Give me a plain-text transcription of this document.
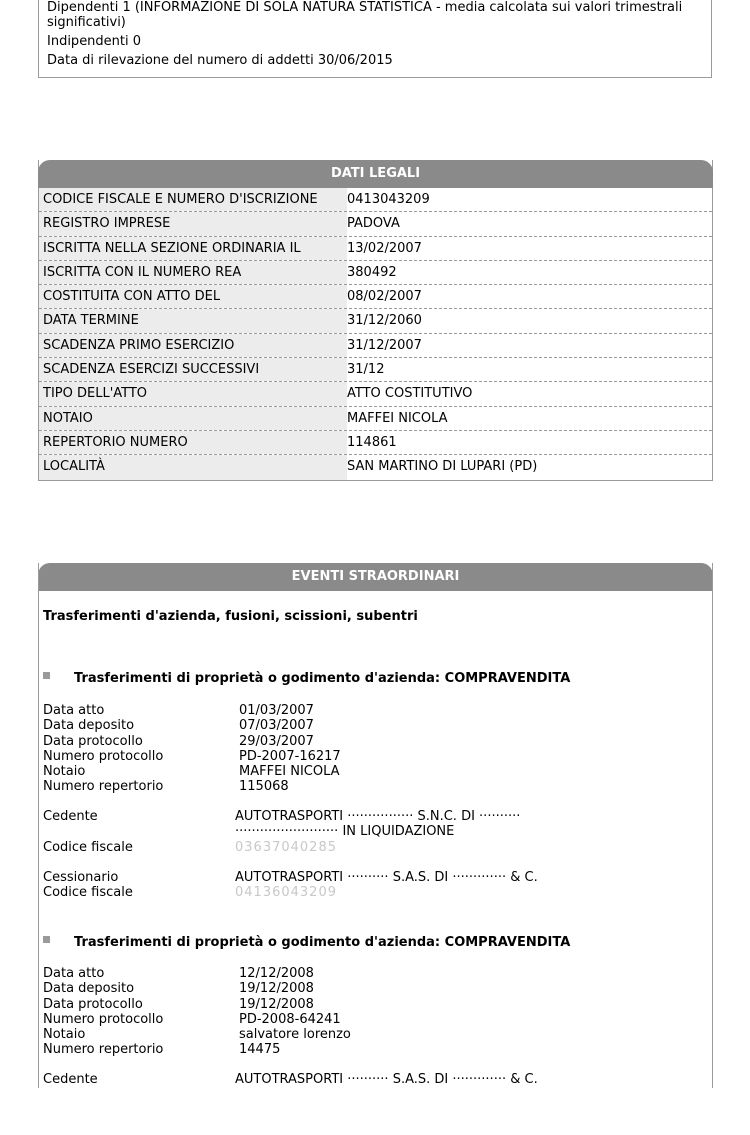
Dipendenti 1 (INFORMAZIONE DI SOLA NATURA STATISTICA - media calcolata sui valori trimestrali
significativi)
Indipendenti 0
Data di rilevazione del numero di addetti 30/06/2015
DATI LEGALI
CODICE FISCALE E NUMERO D'ISCRIZIONE	0413043209
REGISTRO IMPRESE	PADOVA
ISCRITTA NELLA SEZIONE ORDINARIA IL	13/02/2007
ISCRITTA CON IL NUMERO REA	380492
COSTITUITA CON ATTO DEL	08/02/2007
DATA TERMINE	31/12/2060
SCADENZA PRIMO ESERCIZIO	31/12/2007
SCADENZA ESERCIZI SUCCESSIVI	31/12
TIPO DELL'ATTO	ATTO COSTITUTIVO
NOTAIO	MAFFEI NICOLA
REPERTORIO NUMERO	114861
LOCALITÀ	SAN MARTINO DI LUPARI (PD)
EVENTI STRAORDINARI
Trasferimenti d'azienda, fusioni, scissioni, subentri
Trasferimenti di proprietà o godimento d'azienda: COMPRAVENDITA
Data atto	01/03/2007
Data deposito	07/03/2007
Data protocollo	29/03/2007
Numero protocollo	PD-2007-16217
Notaio	MAFFEI NICOLA
Numero repertorio	115068
Cedente	AUTOTRASPORTI ················ S.N.C. DI ··········
························· IN LIQUIDAZIONE
Codice fiscale	03637040285
Cessionario	AUTOTRASPORTI ·········· S.A.S. DI ············· & C.
Codice fiscale	04136043209
Trasferimenti di proprietà o godimento d'azienda: COMPRAVENDITA
Data atto	12/12/2008
Data deposito	19/12/2008
Data protocollo	19/12/2008
Numero protocollo	PD-2008-64241
Notaio	salvatore lorenzo
Numero repertorio	14475
Cedente	AUTOTRASPORTI ·········· S.A.S. DI ············· & C.
